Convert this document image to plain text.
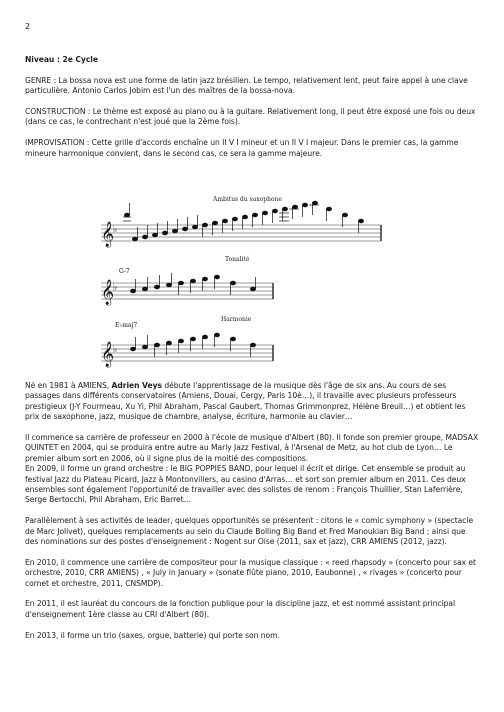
2

Niveau : 2e Cycle

GENRE : La bossa nova est une forme de latin jazz brésilien. Le tempo, relativement lent, peut faire appel à une clave particulière. Antonio Carlos Jobim est l'un des maîtres de la bossa-nova.

CONSTRUCTION : Le thème est exposé au piano ou à la guitare. Relativement long, il peut être exposé une fois ou deux (dans ce cas, le contrechant n'est joué que la 2ème fois).

IMPROVISATION : Cette grille d'accords enchaîne un II V I mineur et un II V I majeur. Dans le premier cas, la gamme mineure harmonique convient, dans le second cas, ce sera la gamme majeure.

Ambitus du saxophone
Tonalité
Harmonie
𝄞
♭
𝄞
♭
G-7
𝄞
♭
E♭maj7

Né en 1981 à AMIENS, Adrien Veys débute l'apprentissage de la musique dès l'âge de six ans. Au cours de ses passages dans différents conservatoires (Amiens, Douai, Cergy, Paris 10è…), il travaille avec plusieurs professeurs prestigieux (J-Y Fourmeau, Xu Yi, Phil Abraham, Pascal Gaubert, Thomas Grimmonprez, Hélène Breuil…) et obtient les prix de saxophone, jazz, musique de chambre, analyse, écriture, harmonie au clavier…

Il commence sa carrière de professeur en 2000 à l'école de musique d'Albert (80). Il fonde son premier groupe, MADSAX QUINTET en 2004, qui se produira entre autre au Marly Jazz Festival, à l'Arsenal de Metz, au hot club de Lyon… Le premier album sort en 2006, où il signe plus de la moitié des compositions.

En 2009, il forme un grand orchestre : le BIG POPPIES BAND, pour lequel il écrit et dirige. Cet ensemble se produit au festival Jazz du Plateau Picard, Jazz à Montonvillers, au casino d'Arras… et sort son premier album en 2011. Ces deux ensembles sont également l'opportunité de travailler avec des solistes de renom : François Thuillier, Stan Laferrière, Serge Bertocchi, Phil Abraham, Eric Barret…

Parallèlement à ses activités de leader, quelques opportunités se présentent : citons le « comic symphony » (spectacle de Marc Jolivet), quelques remplacements au sein du Claude Bolling Big Band et Fred Manoukian Big Band ; ainsi que des nominations sur des postes d'enseignement : Nogent sur Oise (2011, sax et jazz), CRR AMIENS (2012, jazz).

En 2010, il commence une carrière de compositeur pour la musique classique : « reed rhapsody » (concerto pour sax et orchestre, 2010, CRR AMIENS) , « July in January » (sonate flûte piano, 2010, Eaubonne) , « rivages » (concerto pour cornet et orchestre, 2011, CNSMDP).

En 2011, il est lauréat du concours de la fonction publique pour la discipline jazz, et est nommé assistant principal d'enseignement 1ère classe au CRI d'Albert (80).

En 2013, il forme un trio (saxes, orgue, batterie) qui porte son nom.
